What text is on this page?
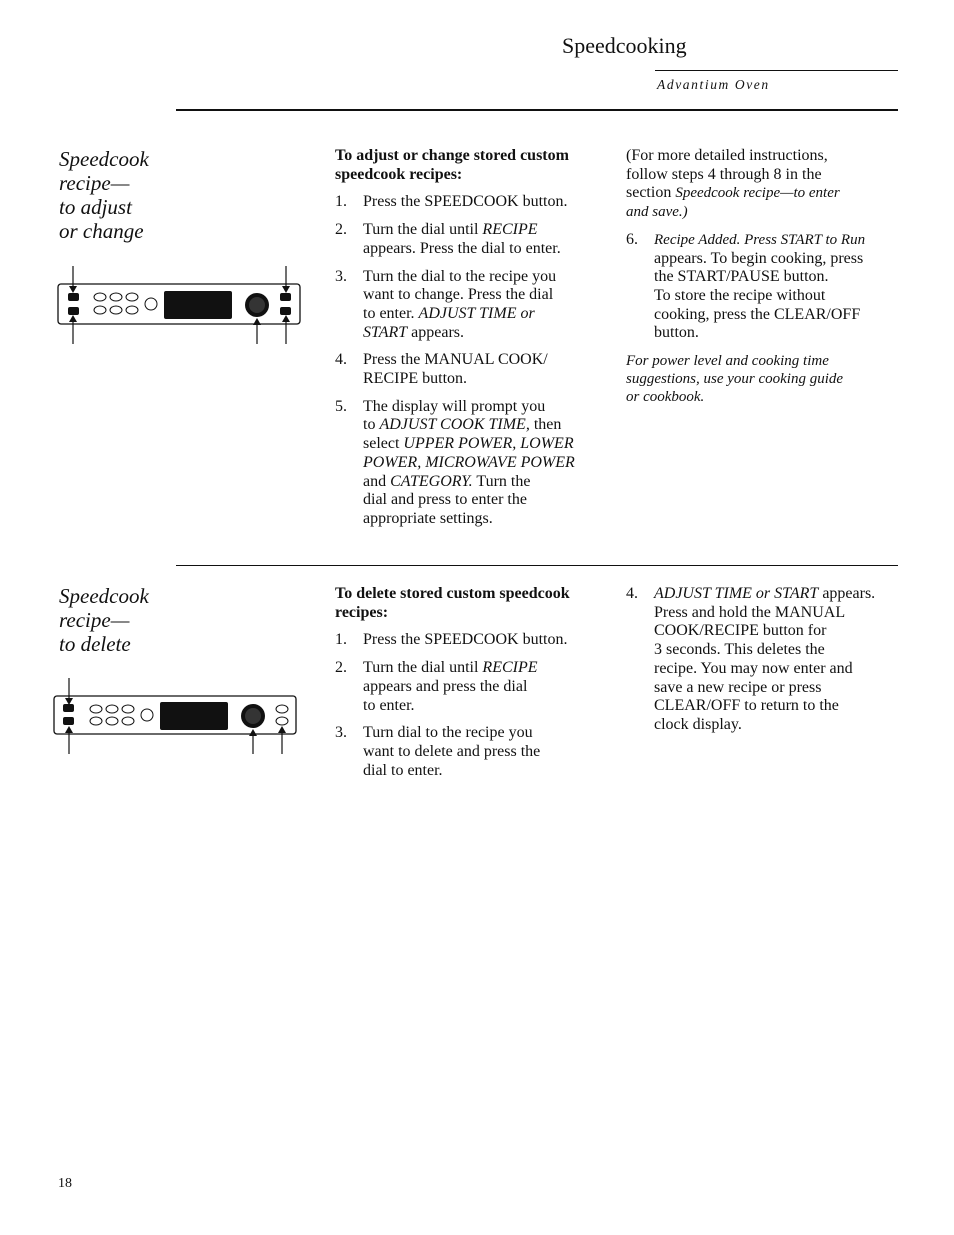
Speedcooking
Advantium Oven
Speedcook
recipe—
to adjust
or change
To adjust or change stored custom
speedcook recipes:
1. Press the SPEEDCOOK button.
2. Turn the dial until RECIPE
appears. Press the dial to enter.
3. Turn the dial to the recipe you
want to change. Press the dial
to enter. ADJUST TIME or
START appears.
4. Press the MANUAL COOK/
RECIPE button.
5. The display will prompt you
to ADJUST COOK TIME, then
select UPPER POWER, LOWER
POWER, MICROWAVE POWER
and CATEGORY. Turn the
dial and press to enter the
appropriate settings.
(For more detailed instructions,
follow steps 4 through 8 in the
section Speedcook recipe—to enter
and save.)
6. Recipe Added. Press START to Run
appears. To begin cooking, press
the START/PAUSE button.
To store the recipe without
cooking, press the CLEAR/OFF
button.
For power level and cooking time
suggestions, use your cooking guide
or cookbook.
Speedcook
recipe—
to delete
To delete stored custom speedcook
recipes:
1. Press the SPEEDCOOK button.
2. Turn the dial until RECIPE
appears and press the dial
to enter.
3. Turn dial to the recipe you
want to delete and press the
dial to enter.
4. ADJUST TIME or START appears.
Press and hold the MANUAL
COOK/RECIPE button for
3 seconds. This deletes the
recipe. You may now enter and
save a new recipe or press
CLEAR/OFF to return to the
clock display.
18
